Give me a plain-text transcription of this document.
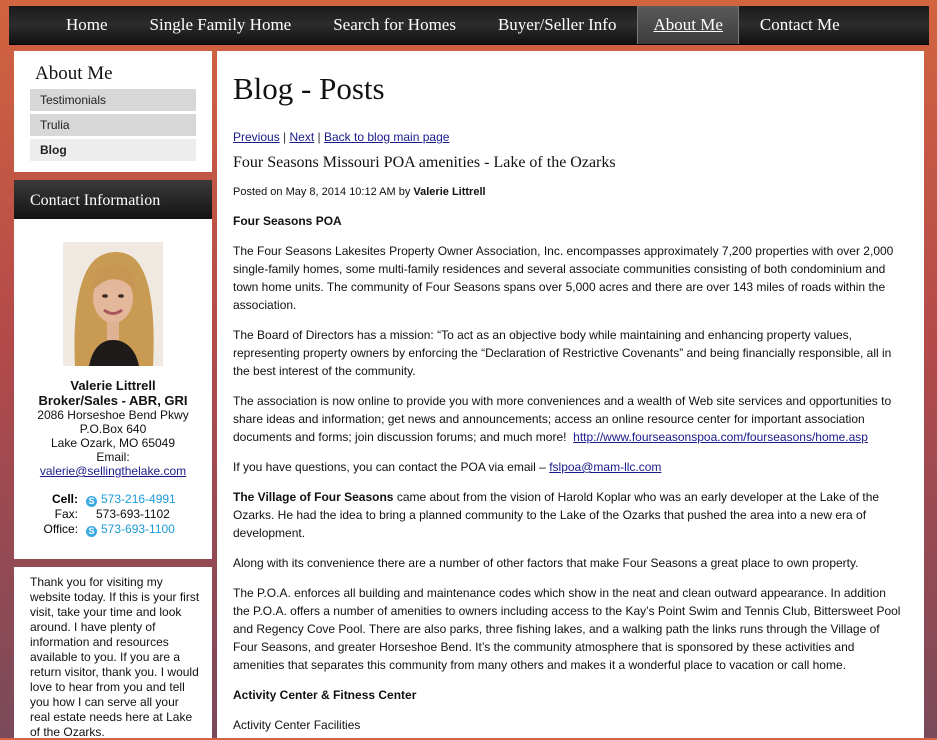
Home	Single Family Home	Search for Homes	Buyer/Seller Info	About Me	Contact Me
About Me
Testimonials
Trulia
Blog
Contact Information
Valerie Littrell
Broker/Sales - ABR, GRI
2086 Horseshoe Bend Pkwy
P.O.Box 640
Lake Ozark, MO 65049
Email:
valerie@sellingthelake.com
Cell:	S 573-216-4991
Fax:	573-693-1102
Office:	S 573-693-1100
Thank you for visiting my website today. If this is your first visit, take your time and look around. I have plenty of information and resources available to you. If you are a return visitor, thank you. I would love to hear from you and tell you how I can serve all your real estate needs here at Lake of the Ozarks.
Blog - Posts
Previous | Next | Back to blog main page
Four Seasons Missouri POA amenities - Lake of the Ozarks
Posted on May 8, 2014 10:12 AM by Valerie Littrell

Four Seasons POA

The Four Seasons Lakesites Property Owner Association, Inc. encompasses approximately 7,200 properties with over 2,000 single-family homes, some multi-family residences and several associate communities consisting of both condominium and town home units. The community of Four Seasons spans over 5,000 acres and there are over 143 miles of roads within the association.

The Board of Directors has a mission: “To act as an objective body while maintaining and enhancing property values, representing property owners by enforcing the “Declaration of Restrictive Covenants” and being financially responsible, all in the best interest of the community.

The association is now online to provide you with more conveniences and a wealth of Web site services and opportunities to share ideas and information; get news and announcements; access an online resource center for important association documents and forms; join discussion forums; and much more! http://www.fourseasonspoa.com/fourseasons/home.asp

If you have questions, you can contact the POA via email – fslpoa@mam-llc.com

The Village of Four Seasons came about from the vision of Harold Koplar who was an early developer at the Lake of the Ozarks. He had the idea to bring a planned community to the Lake of the Ozarks that pushed the area into a new era of development.

Along with its convenience there are a number of other factors that make Four Seasons a great place to own property.

The P.O.A. enforces all building and maintenance codes which show in the neat and clean outward appearance. In addition the P.O.A. offers a number of amenities to owners including access to the Kay’s Point Swim and Tennis Club, Bittersweet Pool and Regency Cove Pool. There are also parks, three fishing lakes, and a walking path the links runs through the Village of Four Seasons, and greater Horseshoe Bend. It’s the community atmosphere that is sponsored by these activities and amenities that separates this community from many others and makes it a wonderful place to vacation or call home.

Activity Center & Fitness Center

Activity Center Facilities
